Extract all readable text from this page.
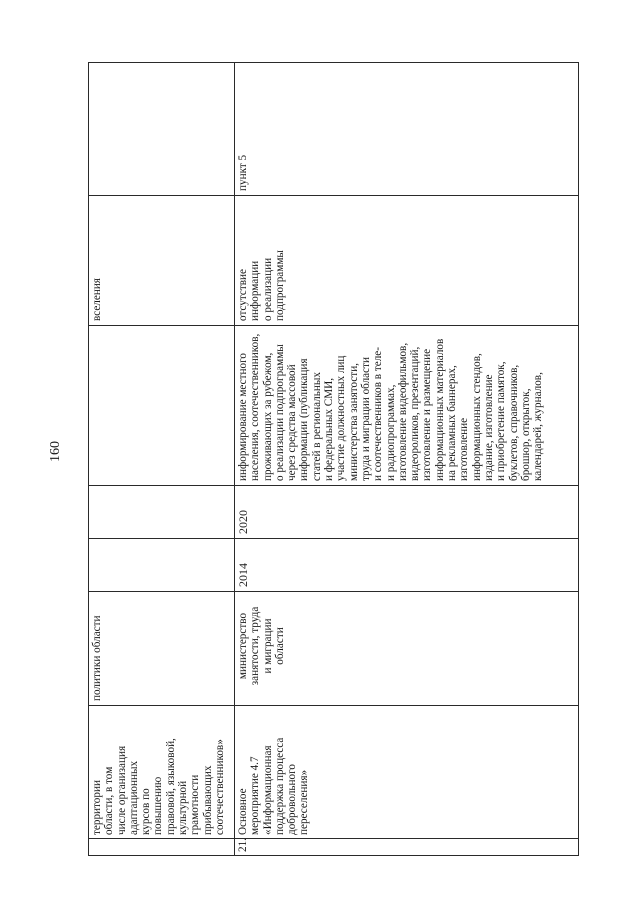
160
территории
области, в том
числе организация
адаптационных
курсов по
повышению
правовой, языковой,
культурной
грамотности
прибывающих
соотечественников»
политики области
вселения
21.
Основное
мероприятие 4.7
«Информационная
поддержка процесса
добровольного
переселения»
министерство
занятости, труда
и миграции
области
2014
2020
информирование местного
населения, соотечественников,
проживающих за рубежом,
о реализации подпрограммы
через средства массовой
информации (публикация
статей в региональных
и федеральных СМИ,
участие должностных лиц
министерства занятости,
труда и миграции области
и соотечественников в теле-
и радиопрограммах,
изготовление видеофильмов,
видеороликов, презентаций,
изготовление и размещение
информационных материалов
на рекламных баннерах,
изготовление
информационных стендов,
издание, изготовление
и приобретение памяток,
буклетов, справочников,
брошюр, открыток,
календарей, журналов,
отсутствие
информации
о реализации
подпрограммы
пункт 5
